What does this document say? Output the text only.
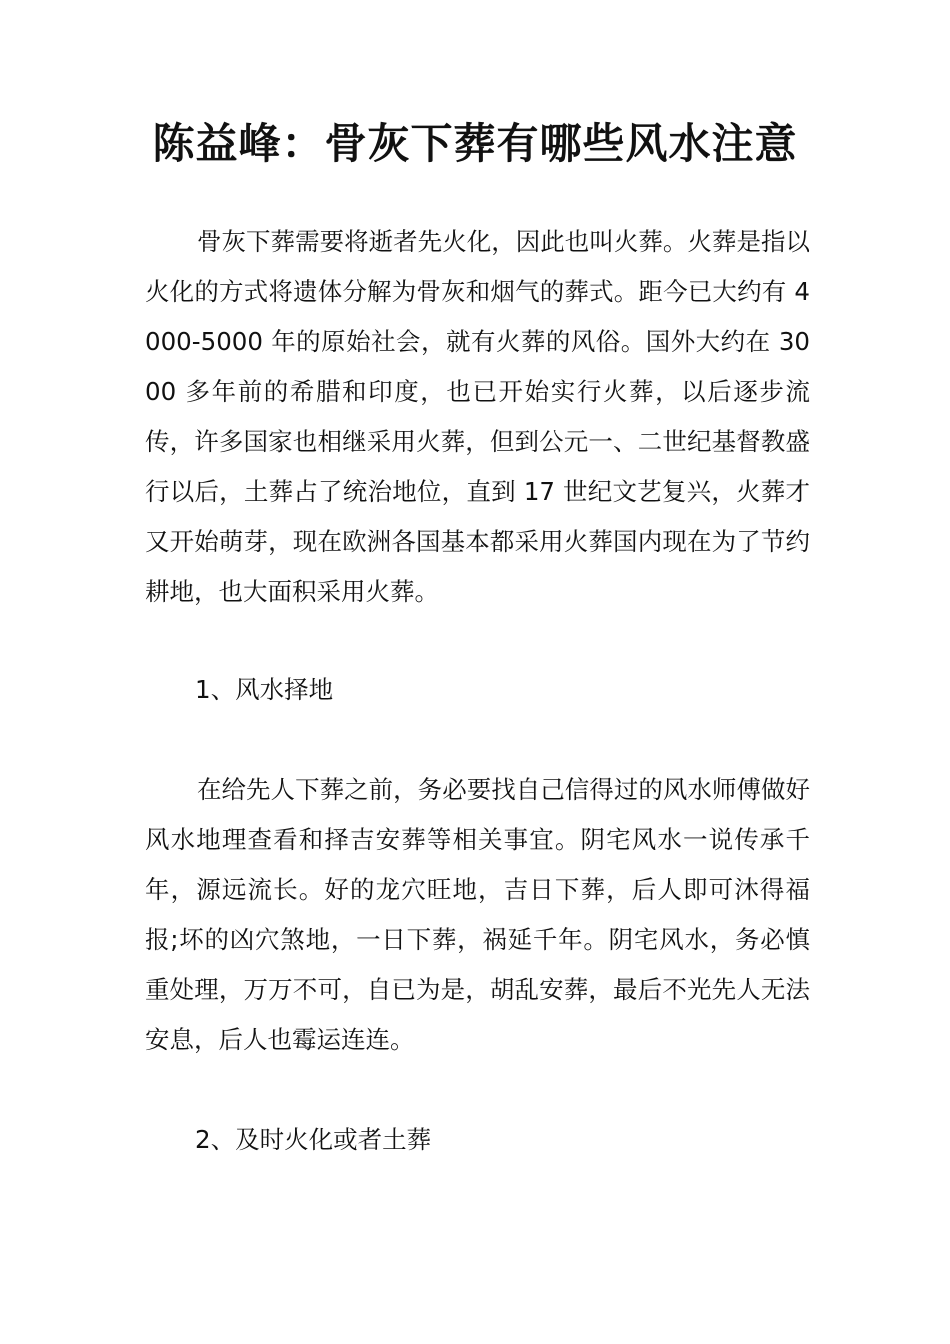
陈益峰：骨灰下葬有哪些风水注意

骨灰下葬需要将逝者先火化，因此也叫火葬。火葬是指以火化的方式将遗体分解为骨灰和烟气的葬式。距今已大约有 4000-5000 年的原始社会，就有火葬的风俗。国外大约在 3000 多年前的希腊和印度，也已开始实行火葬，以后逐步流传，许多国家也相继采用火葬，但到公元一、二世纪基督教盛行以后，土葬占了统治地位，直到 17 世纪文艺复兴，火葬才又开始萌芽，现在欧洲各国基本都采用火葬国内现在为了节约耕地，也大面积采用火葬。

1、风水择地

在给先人下葬之前，务必要找自己信得过的风水师傅做好风水地理查看和择吉安葬等相关事宜。阴宅风水一说传承千年，源远流长。好的龙穴旺地，吉日下葬，后人即可沐得福报;坏的凶穴煞地，一日下葬，祸延千年。阴宅风水，务必慎重处理，万万不可，自已为是，胡乱安葬，最后不光先人无法安息，后人也霉运连连。

2、及时火化或者土葬
